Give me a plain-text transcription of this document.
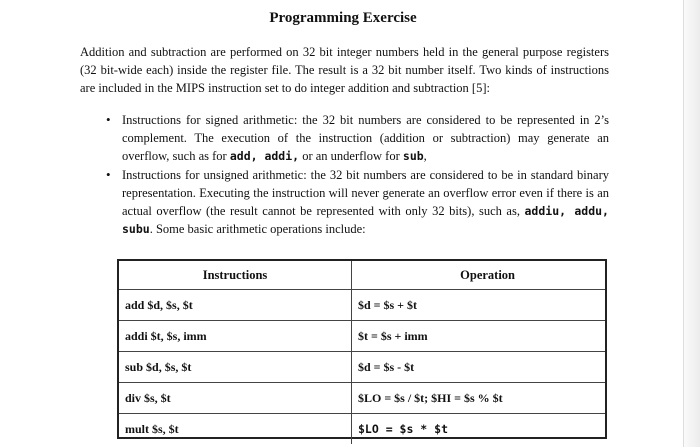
Programming Exercise
Addition and subtraction are performed on 32 bit integer numbers held in the general purpose registers (32 bit-wide each) inside the register file. The result is a 32 bit number itself. Two kinds of instructions are included in the MIPS instruction set to do integer addition and subtraction [5]:
• Instructions for signed arithmetic: the 32 bit numbers are considered to be represented in 2’s complement. The execution of the instruction (addition or subtraction) may generate an overflow, such as for add, addi, or an underflow for sub,
• Instructions for unsigned arithmetic: the 32 bit numbers are considered to be in standard binary representation. Executing the instruction will never generate an overflow error even if there is an actual overflow (the result cannot be represented with only 32 bits), such as, addiu, addu, subu. Some basic arithmetic operations include:
Instructions	Operation
add $d, $s, $t	$d = $s + $t
addi $t, $s, imm	$t = $s + imm
sub $d, $s, $t	$d = $s - $t
div $s, $t	$LO = $s / $t; $HI = $s % $t
mult $s, $t	$LO = $s * $t
